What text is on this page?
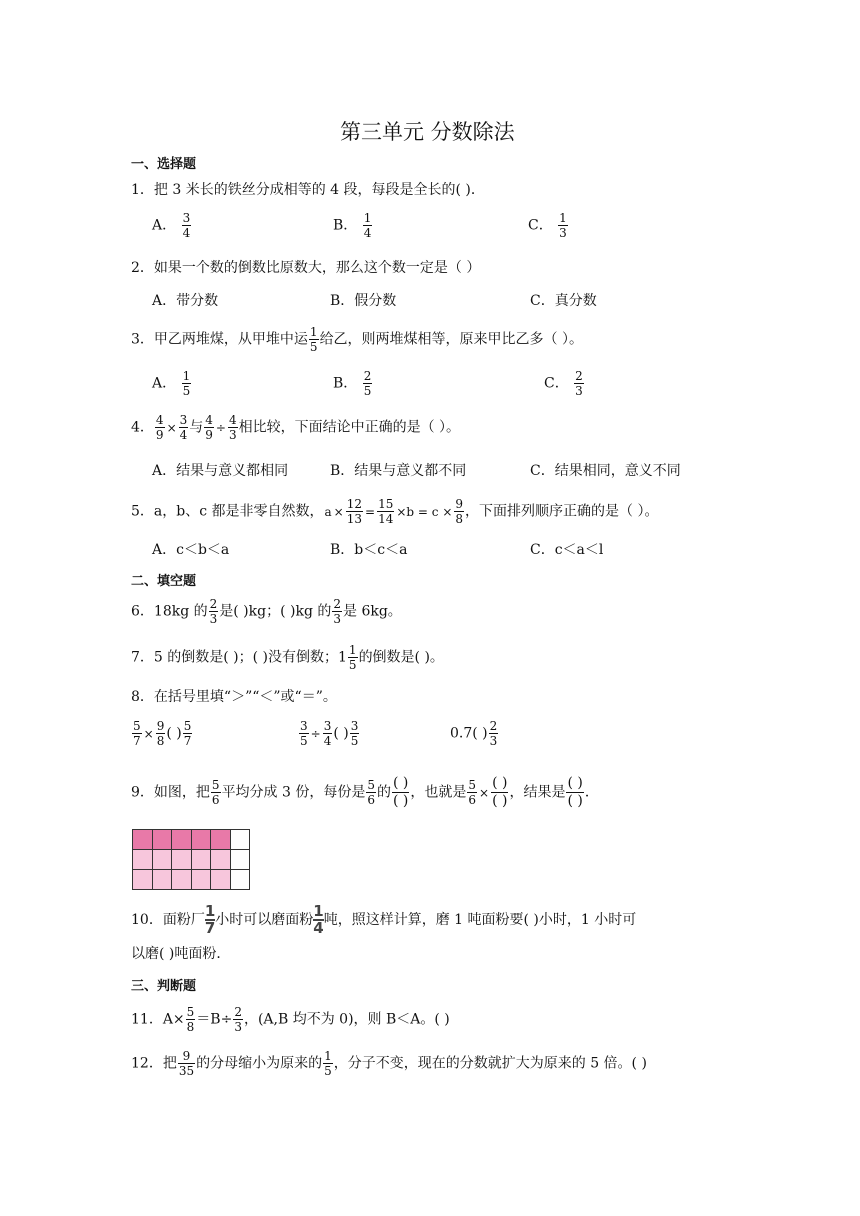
第三单元 分数除法
一、选择题
1．把 3 米长的铁丝分成相等的 4 段，每段是全长的( )．
A． $\frac{3}{4}$	B． $\frac{1}{4}$	C． $\frac{1}{3}$
2．如果一个数的倒数比原数大，那么这个数一定是（ ）
A．带分数	B．假分数	C．真分数
3．甲乙两堆煤，从甲堆中运 $\frac{1}{5}$ 给乙，则两堆煤相等，原来甲比乙多（ ）。
A． $\frac{1}{5}$	B． $\frac{2}{5}$	C． $\frac{2}{3}$
4． $\frac{4}{9} \times \frac{3}{4}$ 与 $\frac{4}{9} \div \frac{4}{3}$ 相比较，下面结论中正确的是（ ）。
A．结果与意义都相同	B．结果与意义都不同	C．结果相同，意义不同
5．a，b、c 都是非零自然数，$a \times \frac{12}{13} = \frac{15}{14} \times b = c \times \frac{9}{8}$ ，下面排列顺序正确的是（ ）。
A．c＜b＜a	B．b＜c＜a	C．c＜a＜l
二、填空题
6．18kg 的 $\frac{2}{3}$ 是( )kg；( )kg 的 $\frac{2}{3}$ 是 6kg。
7．5 的倒数是( )；( )没有倒数；$1 \frac{1}{5}$ 的倒数是( )。
8．在括号里填“＞”“＜”或“＝”。
$\frac{5}{7} \times \frac{9}{8}$ ( ) $\frac{5}{7}$	$\frac{3}{5} \div \frac{3}{4}$ ( ) $\frac{3}{5}$	0.7( ) $\frac{2}{3}$
9．如图，把 $\frac{5}{6}$ 平均分成 3 份，每份是 $\frac{5}{6}$ 的 $\frac{( )}{( )}$ ，也就是 $\frac{5}{6} \times \frac{( )}{( )}$ ，结果是 $\frac{( )}{( )}$ ．

10．面粉厂 $\frac{1}{7}$ 小时可以磨面粉 $\frac{1}{4}$ 吨，照这样计算，磨 1 吨面粉要( )小时，1 小时可
以磨( )吨面粉．
三、判断题
11．$A\times \frac{5}{8} =B\div \frac{2}{3}$ ，(A,B 均不为 0)，则 B＜A。( )
12．把 $\frac{9}{35}$ 的分母缩小为原来的 $\frac{1}{5}$ ，分子不变，现在的分数就扩大为原来的 5 倍。( )
